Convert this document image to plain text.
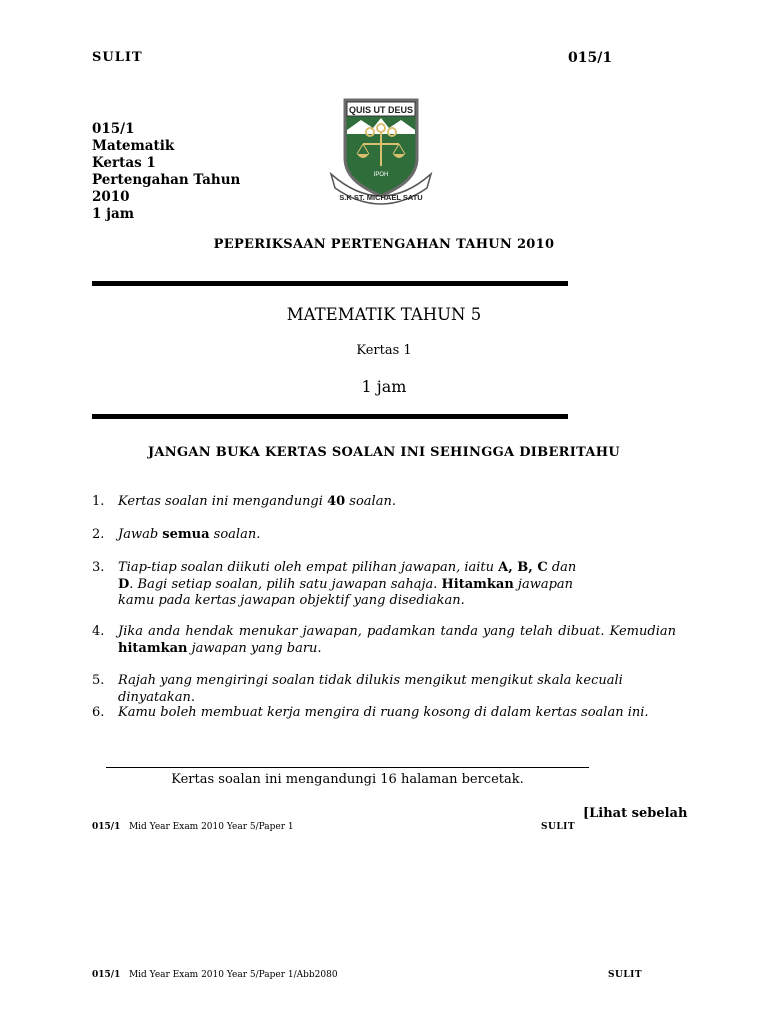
SULIT	015/1
015/1
Matematik
Kertas 1
Pertengahan Tahun
2010
1 jam
QUIS UT DEUS
IPOH
S.K ST. MICHAEL SATU
PEPERIKSAAN PERTENGAHAN TAHUN 2010
MATEMATIK TAHUN 5
Kertas 1
1 jam
JANGAN BUKA KERTAS SOALAN INI SEHINGGA DIBERITAHU
1. Kertas soalan ini mengandungi 40 soalan.
2. Jawab semua soalan.
3. Tiap-tiap soalan diikuti oleh empat pilihan jawapan, iaitu A, B, C dan
D. Bagi setiap soalan, pilih satu jawapan sahaja. Hitamkan jawapan
kamu pada kertas jawapan objektif yang disediakan.
4. Jika anda hendak menukar jawapan, padamkan tanda yang telah dibuat. Kemudian
hitamkan jawapan yang baru.
5. Rajah yang mengiringi soalan tidak dilukis mengikut mengikut skala kecuali dinyatakan.
6. Kamu boleh membuat kerja mengira di ruang kosong di dalam kertas soalan ini.
Kertas soalan ini mengandungi 16 halaman bercetak.
[Lihat sebelah
015/1 Mid Year Exam 2010 Year 5/Paper 1	SULIT
015/1 Mid Year Exam 2010 Year 5/Paper 1/Abb2080	SULIT
